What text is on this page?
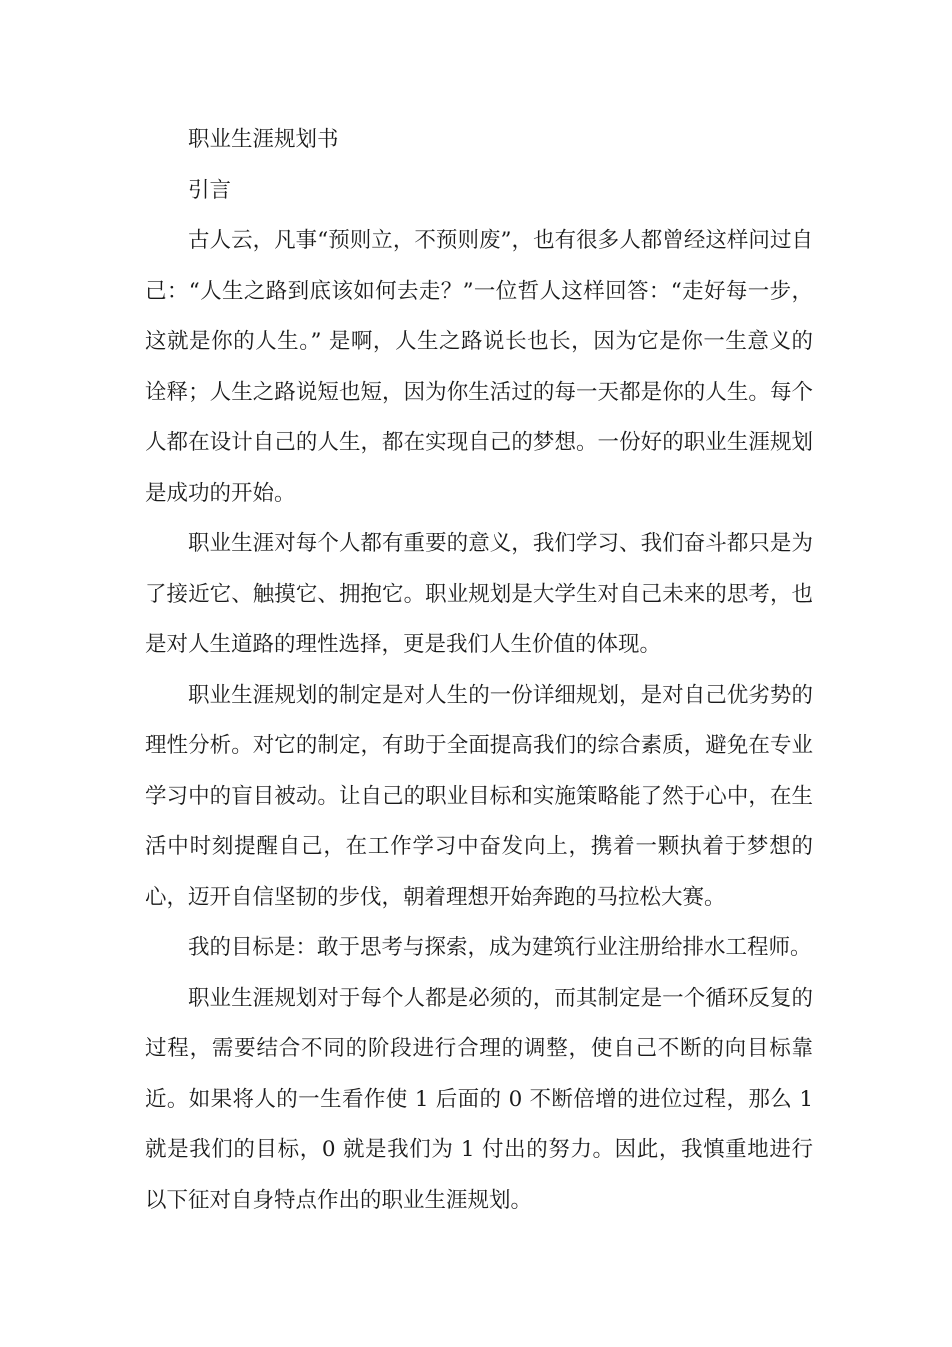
职业生涯规划书

引言

古人云，凡事“预则立，不预则废”，也有很多人都曾经这样问过自己：“人生之路到底该如何去走？”一位哲人这样回答：“走好每一步，这就是你的人生。” 是啊，人生之路说长也长，因为它是你一生意义的诠释；人生之路说短也短，因为你生活过的每一天都是你的人生。每个人都在设计自己的人生，都在实现自己的梦想。一份好的职业生涯规划是成功的开始。

职业生涯对每个人都有重要的意义，我们学习、我们奋斗都只是为了接近它、触摸它、拥抱它。职业规划是大学生对自己未来的思考，也是对人生道路的理性选择，更是我们人生价值的体现。

职业生涯规划的制定是对人生的一份详细规划，是对自己优劣势的理性分析。对它的制定，有助于全面提高我们的综合素质，避免在专业学习中的盲目被动。让自己的职业目标和实施策略能了然于心中，在生活中时刻提醒自己，在工作学习中奋发向上，携着一颗执着于梦想的心，迈开自信坚韧的步伐，朝着理想开始奔跑的马拉松大赛。

我的目标是：敢于思考与探索，成为建筑行业注册给排水工程师。

职业生涯规划对于每个人都是必须的，而其制定是一个循环反复的过程，需要结合不同的阶段进行合理的调整，使自己不断的向目标靠近。如果将人的一生看作使 1 后面的 0 不断倍增的进位过程，那么 1 就是我们的目标，0 就是我们为 1 付出的努力。因此，我慎重地进行以下征对自身特点作出的职业生涯规划。
